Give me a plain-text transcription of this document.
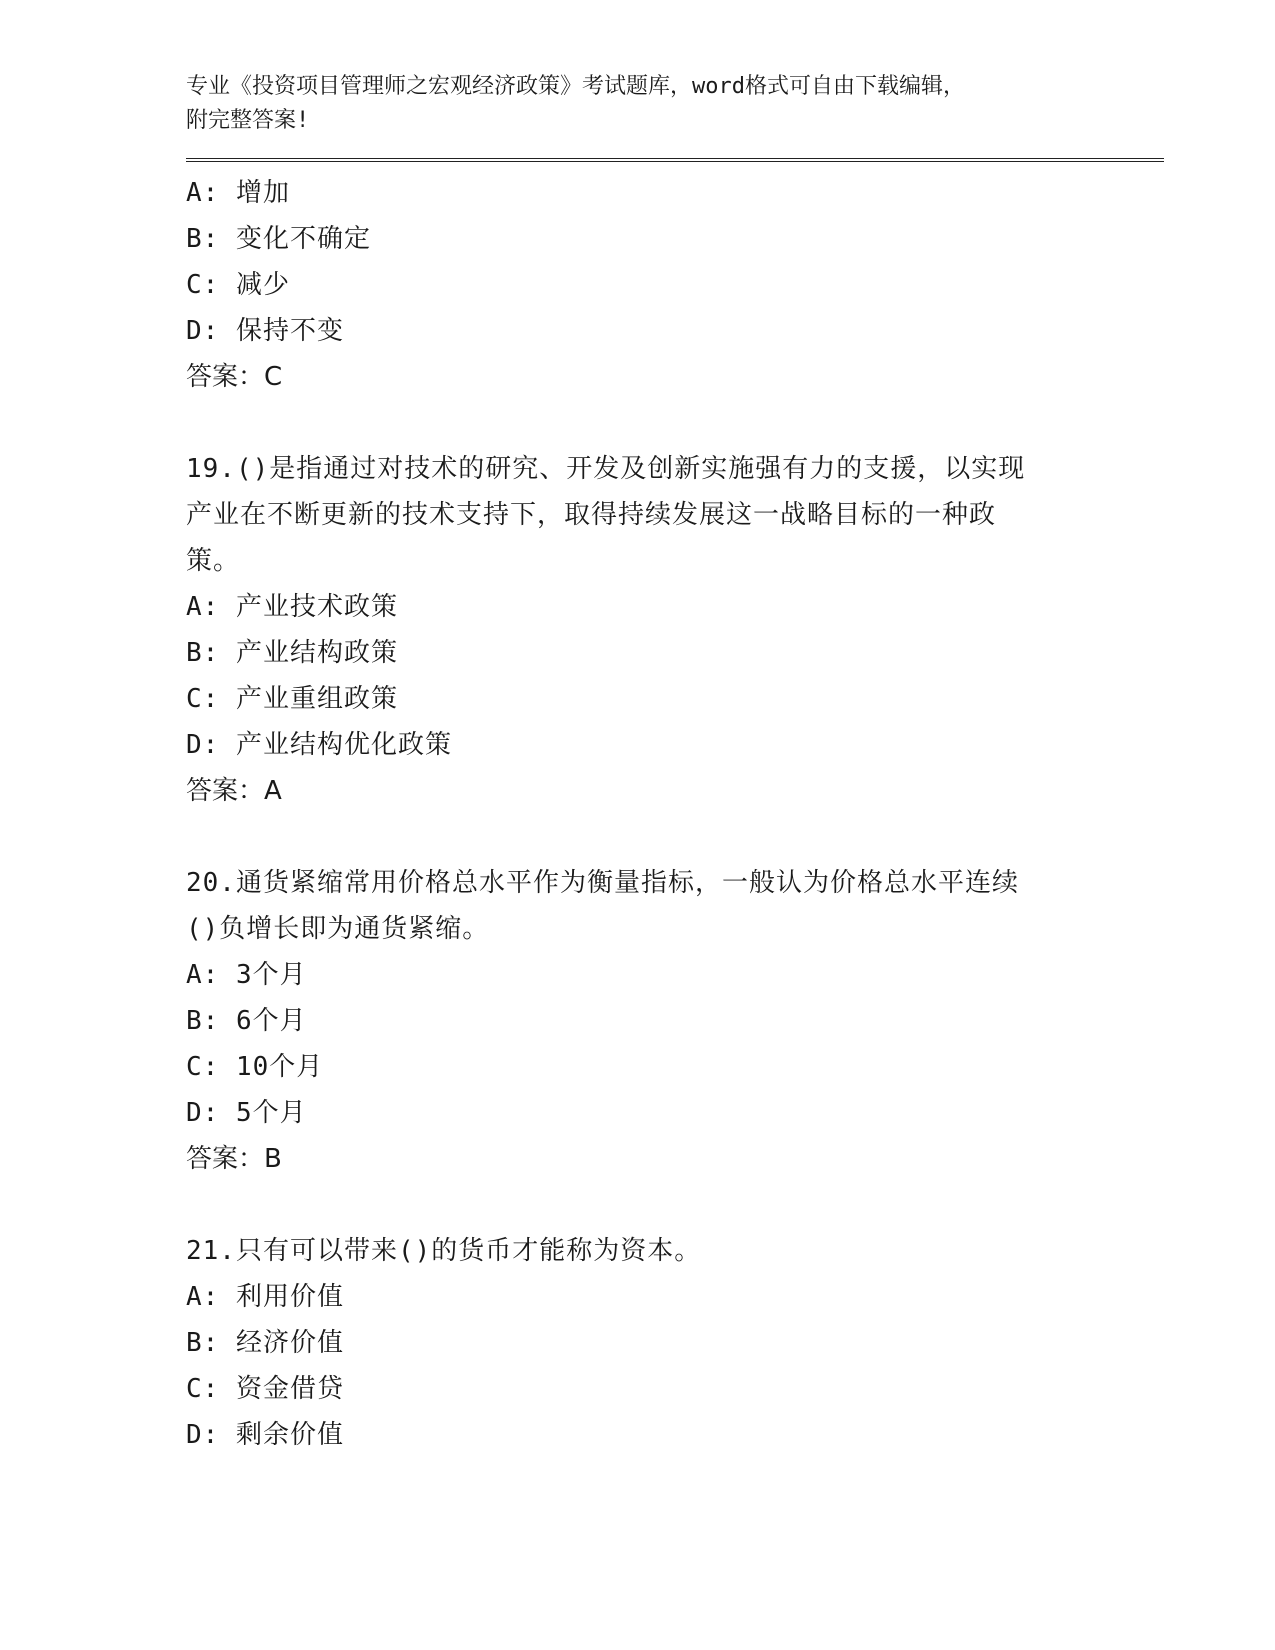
专业《投资项目管理师之宏观经济政策》考试题库，word格式可自由下载编辑，

附完整答案!

A: 增加

B: 变化不确定

C: 减少

D: 保持不变

答案：C

19.()是指通过对技术的研究、开发及创新实施强有力的支援，以实现

产业在不断更新的技术支持下，取得持续发展这一战略目标的一种政

策。

A: 产业技术政策

B: 产业结构政策

C: 产业重组政策

D: 产业结构优化政策

答案：A

20.通货紧缩常用价格总水平作为衡量指标，一般认为价格总水平连续

()负增长即为通货紧缩。

A: 3个月

B: 6个月

C: 10个月

D: 5个月

答案：B

21.只有可以带来()的货币才能称为资本。

A: 利用价值

B: 经济价值

C: 资金借贷

D: 剩余价值
